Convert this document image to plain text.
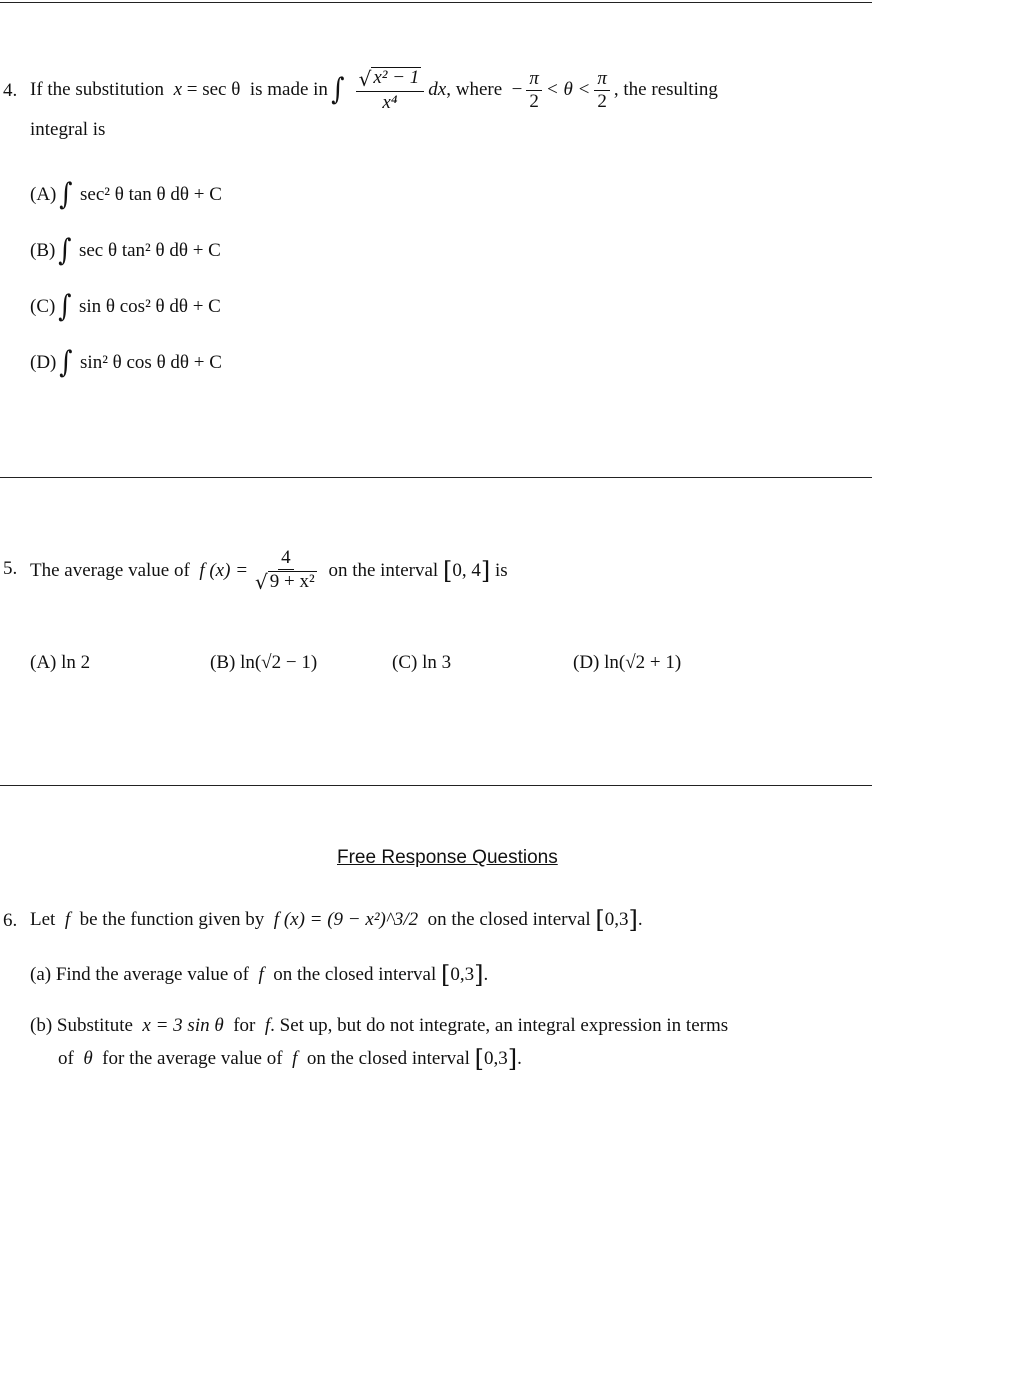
4. If the substitution
x
= sec θ
is made in ∫ $\frac{\text{√ x² − 1}}{\text{x⁴}}$ dx , where
− $\frac{\pi}{2} < \theta < \frac{\pi}{2}$ , the resulting
integral is
(A) ∫ sec² θ tan θ dθ + C
(B) ∫ sec θ tan² θ dθ + C
(C) ∫ sin θ cos² θ dθ + C
(D) ∫ sin² θ cos θ dθ + C
5. The average value of
f $(x) = \frac{4}{\text{√ 9 + x²}}$
on the interval
[ 0, 4 ]
is
(A) ln 2	(B) ln(√2 − 1)	(C) ln 3	(D) ln(√2 + 1)
Free Response Questions
6. Let
f
be the function given by
f (x) = (9 − x²)^3/2
on the closed interval
[ 0,3 ] .
(a) Find the average value of
f
on the closed interval
[ 0,3 ] .
(b) Substitute
x = 3 sin θ
for
f . Set up, but do not integrate, an integral expression in terms
of
θ
for the average value of
f
on the closed interval
[ 0,3 ] .
